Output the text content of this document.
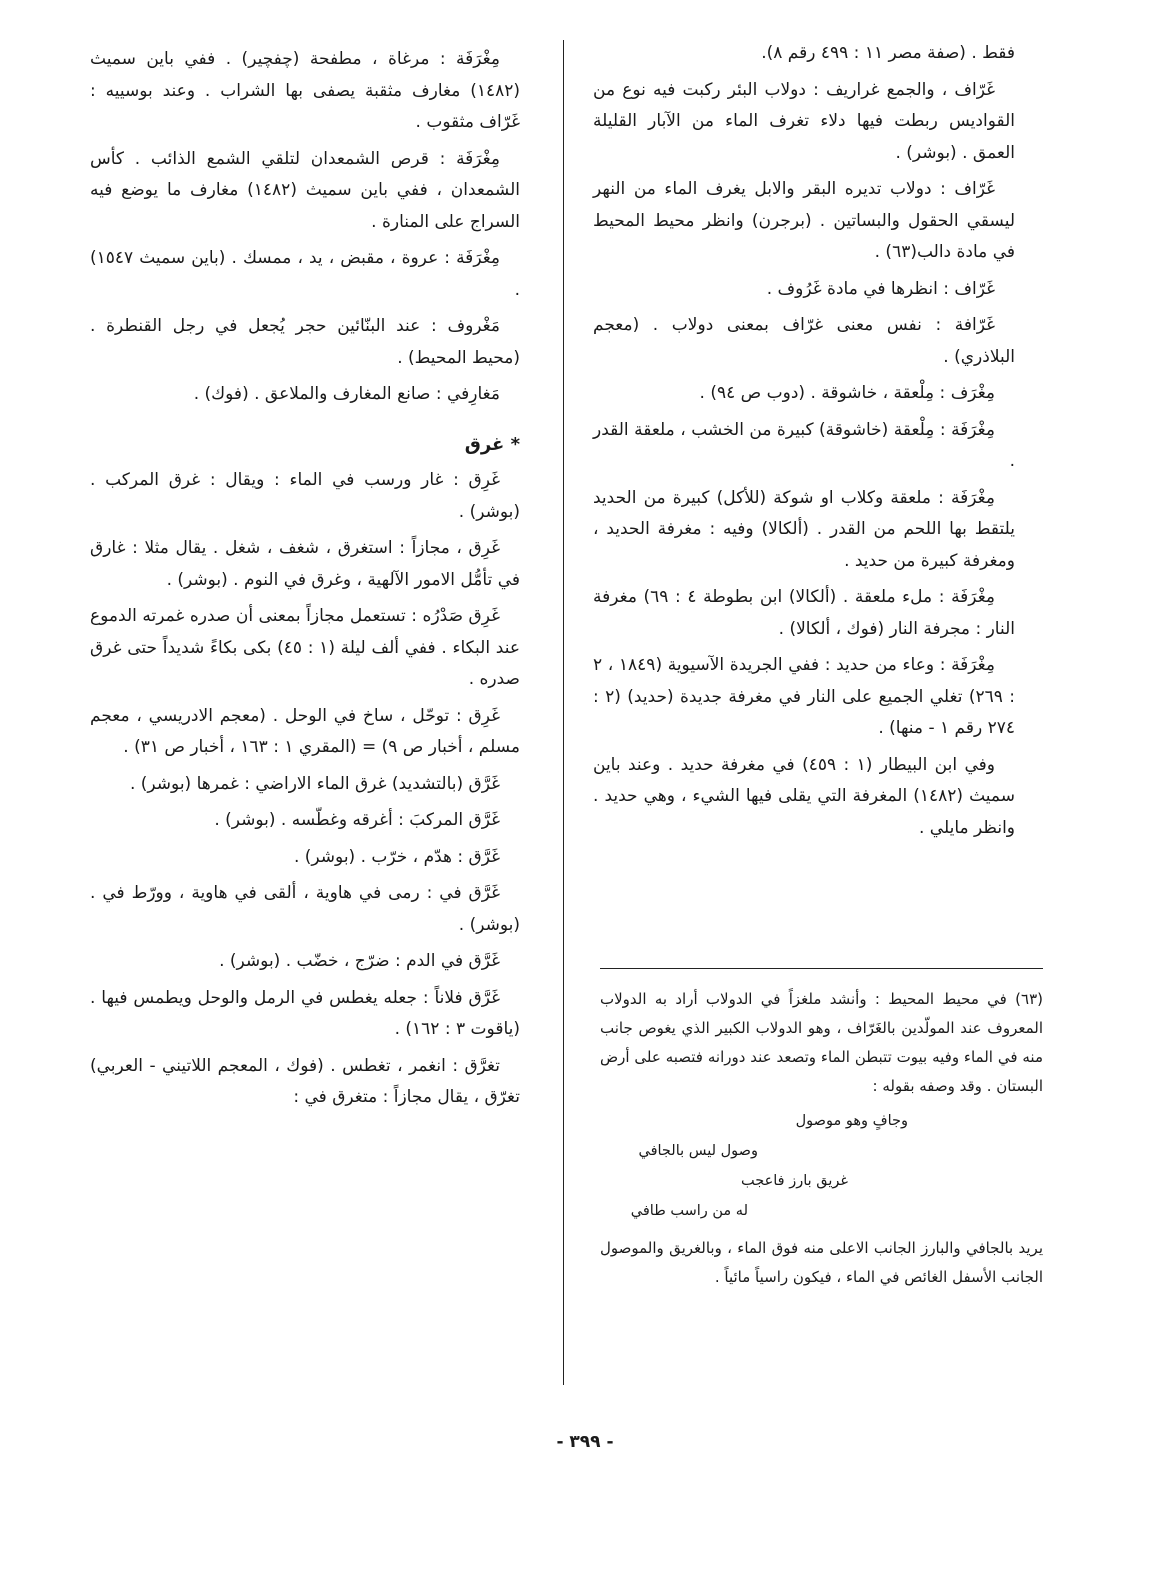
فقط . (صفة مصر ١١ : ٤٩٩ رقم ٨).

غَرّاف ، والجمع غراريف : دولاب البئر ركبت فيه نوع من القواديس ربطت فيها دلاء تغرف الماء من الآبار القليلة العمق . (بوشر) .

غَرّاف : دولاب تديره البقر والابل يغرف الماء من النهر ليسقي الحقول والبساتين . (برجرن) وانظر محيط المحيط في مادة دالب(٦٣) .

غَرّاف : انظرها في مادة غَرُوف .

غَرّافة : نفس معنى غرّاف بمعنى دولاب . (معجم البلاذري) .

مِغْرَف : مِلْعقة ، خاشوقة . (دوب ص ٩٤) .

مِغْرَفَة : مِلْعقة (خاشوقة) كبيرة من الخشب ، ملعقة القدر .

مِغْرَفَة : ملعقة وكلاب او شوكة (للأكل) كبيرة من الحديد يلتقط بها اللحم من القدر . (ألكالا) وفيه : مغرفة الحديد ، ومغرفة كبيرة من حديد .

مِغْرَفَة : ملء ملعقة . (ألكالا) ابن بطوطة ٤ : ٦٩) مغرفة النار : مجرفة النار (فوك ، ألكالا) .

مِغْرَفَة : وعاء من حديد : ففي الجريدة الآسيوية (١٨٤٩ ، ٢ : ٢٦٩) تغلي الجميع على النار في مغرفة جديدة (حديد) (٢ : ٢٧٤ رقم ١ - منها) .

وفي ابن البيطار (١ : ٤٥٩) في مغرفة حديد . وعند باين سميث (١٤٨٢) المغرفة التي يقلى فيها الشيء ، وهي حديد . وانظر مايلي .

مِغْرَفَة : مرغاة ، مطفحة (چفچير) . ففي باين سميث (١٤٨٢) مغارف مثقبة يصفى بها الشراب . وعند بوسييه : غَرّاف مثقوب .

مِغْرَفَة : قرص الشمعدان لتلقي الشمع الذائب . كأس الشمعدان ، ففي باين سميث (١٤٨٢) مغارف ما يوضع فيه السراج على المنارة .

مِغْرَفَة : عروة ، مقبض ، يد ، ممسك . (باين سميث ١٥٤٧) .

مَغْروف : عند البنّائين حجر يُجعل في رجل القنطرة . (محيط المحيط) .

مَغارِفي : صانع المغارف والملاعق . (فوك) .

* غرق

غَرِق : غار ورسب في الماء : ويقال : غرق المركب . (بوشر) .

غَرِق ، مجازاً : استغرق ، شغف ، شغل . يقال مثلا : غارق في تأمُّل الامور الآلهية ، وغرق في النوم . (بوشر) .

غَرِق صَدْرُه : تستعمل مجازاً بمعنى أن صدره غمرته الدموع عند البكاء . ففي ألف ليلة (١ : ٤٥) بكى بكاءً شديداً حتى غرق صدره .

غَرِق : توحّل ، ساخ في الوحل . (معجم الادريسي ، معجم مسلم ، أخبار ص ٩) = (المقري ١ : ١٦٣ ، أخبار ص ٣١) .

غَرَّق (بالتشديد) غرق الماء الاراضي : غمرها (بوشر) .

غَرَّق المركبَ : أغرقه وغطّسه . (بوشر) .

غَرَّق : هدّم ، خرّب . (بوشر) .

غَرَّق في : رمى في هاوية ، ألقى في هاوية ، وورّط في . (بوشر) .

غَرَّق في الدم : ضرّج ، خضّب . (بوشر) .

غَرَّق فلاناً : جعله يغطس في الرمل والوحل ويطمس فيها . (ياقوت ٣ : ١٦٢) .

تغرَّق : انغمر ، تغطس . (فوك ، المعجم اللاتيني - العربي) تغرّق ، يقال مجازاً : متغرق في :

(٦٣) في محيط المحيط : وأنشد ملغزاً في الدولاب أراد به الدولاب المعروف عند المولّدين بالغَرّاف ، وهو الدولاب الكبير الذي يغوص جانب منه في الماء وفيه بيوت تتبطن الماء وتصعد عند دورانه فتصبه على أرض البستان . وقد وصفه بقوله :

وجافٍ وهو موصول

وصول ليس بالجافي

غريق بارز فاعجب

له من راسب طافي

يريد بالجافي والبارز الجانب الاعلى منه فوق الماء ، وبالغريق والموصول الجانب الأسفل الغائص في الماء ، فيكون راسياً مائياً .

- ٣٩٩ -
